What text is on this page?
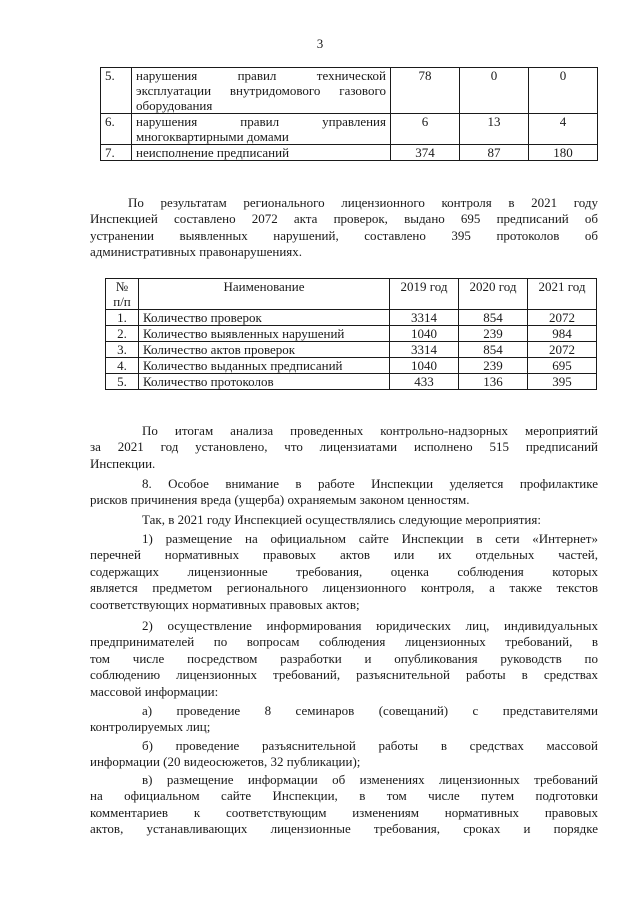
3
5.	нарушения правил технической
эксплуатации внутридомового газового
оборудования	78	0	0
6.	нарушения правил управления
многоквартирными домами	6	13	4
7.	неисполнение предписаний	374	87	180
По результатам регионального лицензионного контроля в 2021 году
Инспекцией составлено 2072 акта проверок, выдано 695 предписаний об
устранении выявленных нарушений, составлено 395 протоколов об
административных правонарушениях.
№ п/п	Наименование	2019 год	2020 год	2021 год
1.	Количество проверок	3314	854	2072
2.	Количество выявленных нарушений	1040	239	984
3.	Количество актов проверок	3314	854	2072
4.	Количество выданных предписаний	1040	239	695
5.	Количество протоколов	433	136	395
По итогам анализа проведенных контрольно-надзорных мероприятий
за 2021 год установлено, что лицензиатами исполнено 515 предписаний
Инспекции.
8. Особое внимание в работе Инспекции уделяется профилактике
рисков причинения вреда (ущерба) охраняемым законом ценностям.
Так, в 2021 году Инспекцией осуществлялись следующие мероприятия:
1) размещение на официальном сайте Инспекции в сети «Интернет»
перечней нормативных правовых актов или их отдельных частей,
содержащих лицензионные требования, оценка соблюдения которых
является предметом регионального лицензионного контроля, а также текстов
соответствующих нормативных правовых актов;
2) осуществление информирования юридических лиц, индивидуальных
предпринимателей по вопросам соблюдения лицензионных требований, в
том числе посредством разработки и опубликования руководств по
соблюдению лицензионных требований, разъяснительной работы в средствах
массовой информации:
а) проведение 8 семинаров (совещаний) с представителями
контролируемых лиц;
б) проведение разъяснительной работы в средствах массовой
информации (20 видеосюжетов, 32 публикации);
в) размещение информации об изменениях лицензионных требований
на официальном сайте Инспекции, в том числе путем подготовки
комментариев к соответствующим изменениям нормативных правовых
актов, устанавливающих лицензионные требования, сроках и порядке
